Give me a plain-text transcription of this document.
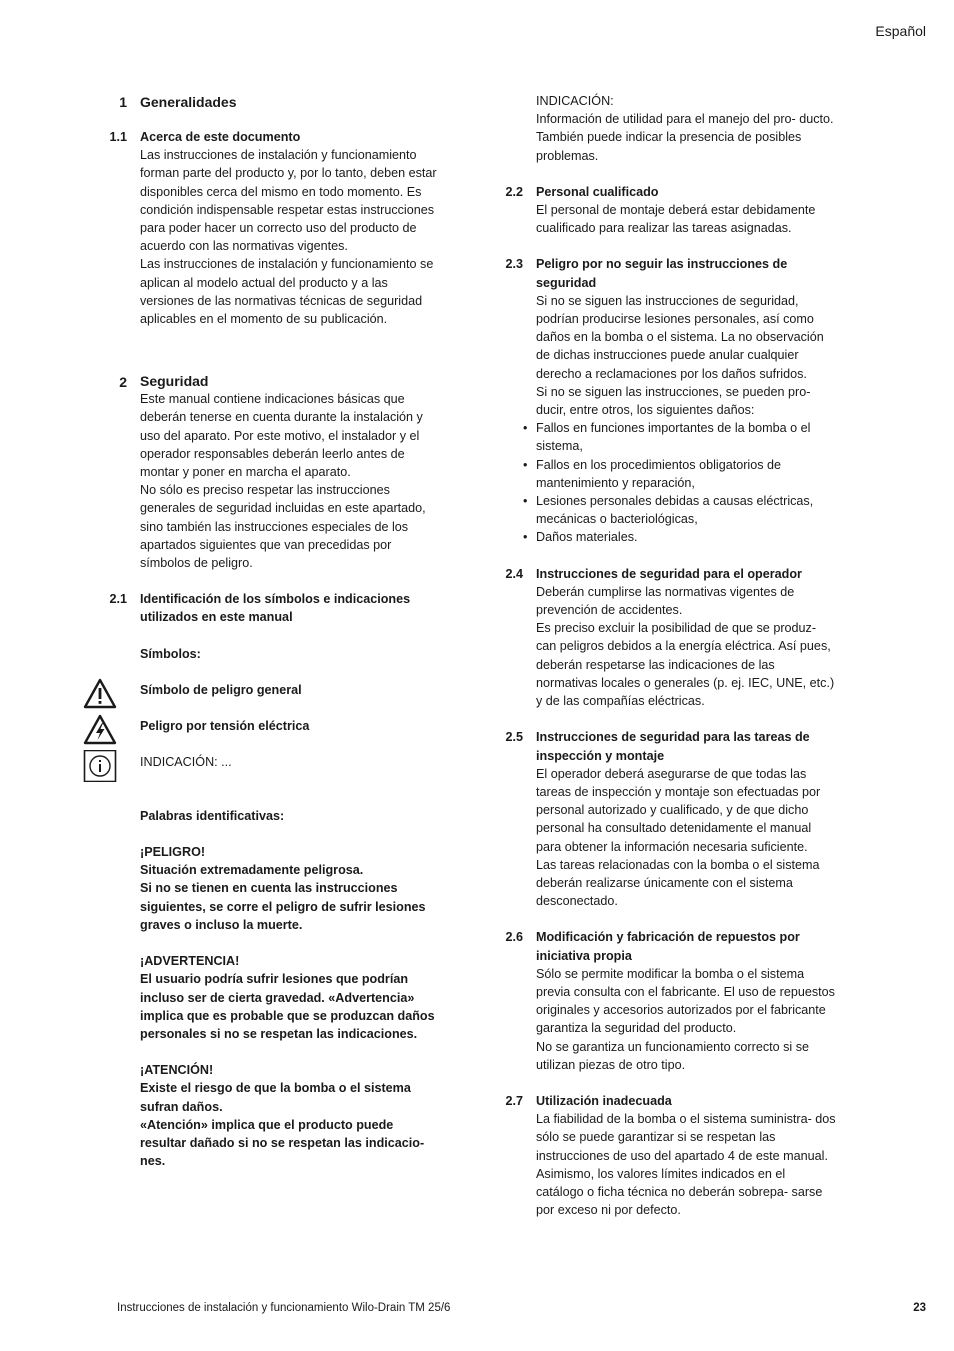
Español
1 Generalidades
1.1 Acerca de este documento

Las instrucciones de instalación y funcionamiento forman parte del producto y, por lo tanto, deben estar disponibles cerca del mismo en todo momento. Es condición indispensable respetar estas instrucciones para poder hacer un correcto uso del producto de acuerdo con las normativas vigentes.

Las instrucciones de instalación y funcionamiento se aplican al modelo actual del producto y a las versiones de las normativas técnicas de seguridad aplicables en el momento de su publicación.

2 Seguridad

Este manual contiene indicaciones básicas que deberán tenerse en cuenta durante la instalación y uso del aparato. Por este motivo, el instalador y el operador responsables deberán leerlo antes de montar y poner en marcha el aparato.

No sólo es preciso respetar las instrucciones generales de seguridad incluidas en este apartado, sino también las instrucciones especiales de los apartados siguientes que van precedidas por símbolos de peligro.

2.1 Identificación de los símbolos e indicaciones utilizados en este manual

Símbolos:

Símbolo de peligro general

Peligro por tensión eléctrica

INDICACIÓN: ...

Palabras identificativas:

¡PELIGRO!

Situación extremadamente peligrosa.

Si no se tienen en cuenta las instrucciones siguientes, se corre el peligro de sufrir lesiones graves o incluso la muerte.

¡ADVERTENCIA!

El usuario podría sufrir lesiones que podrían incluso ser de cierta gravedad. «Advertencia» implica que es probable que se produzcan daños personales si no se respetan las indicaciones.

¡ATENCIÓN!

Existe el riesgo de que la bomba o el sistema sufran daños.

«Atención» implica que el producto puede resultar dañado si no se respetan las indicacio- nes.

INDICACIÓN:

Información de utilidad para el manejo del pro- ducto. También puede indicar la presencia de posibles problemas.

2.2 Personal cualificado

El personal de montaje deberá estar debidamente cualificado para realizar las tareas asignadas.

2.3 Peligro por no seguir las instrucciones de seguridad

Si no se siguen las instrucciones de seguridad, podrían producirse lesiones personales, así como daños en la bomba o el sistema. La no observación de dichas instrucciones puede anular cualquier derecho a reclamaciones por los daños sufridos.

Si no se siguen las instrucciones, se pueden pro- ducir, entre otros, los siguientes daños:

• Fallos en funciones importantes de la bomba o el sistema,
• Fallos en los procedimientos obligatorios de mantenimiento y reparación,
• Lesiones personales debidas a causas eléctricas, mecánicas o bacteriológicas,
• Daños materiales.
2.4 Instrucciones de seguridad para el operador

Deberán cumplirse las normativas vigentes de prevención de accidentes.

Es preciso excluir la posibilidad de que se produz- can peligros debidos a la energía eléctrica. Así pues, deberán respetarse las indicaciones de las normativas locales o generales (p. ej. IEC, UNE, etc.) y de las compañías eléctricas.

2.5 Instrucciones de seguridad para las tareas de inspección y montaje

El operador deberá asegurarse de que todas las tareas de inspección y montaje son efectuadas por personal autorizado y cualificado, y de que dicho personal ha consultado detenidamente el manual para obtener la información necesaria suficiente.

Las tareas relacionadas con la bomba o el sistema deberán realizarse únicamente con el sistema desconectado.

2.6 Modificación y fabricación de repuestos por iniciativa propia

Sólo se permite modificar la bomba o el sistema previa consulta con el fabricante. El uso de repuestos originales y accesorios autorizados por el fabricante garantiza la seguridad del producto.

No se garantiza un funcionamiento correcto si se utilizan piezas de otro tipo.

2.7 Utilización inadecuada

La fiabilidad de la bomba o el sistema suministra- dos sólo se puede garantizar si se respetan las instrucciones de uso del apartado 4 de este manual. Asimismo, los valores límites indicados en el catálogo o ficha técnica no deberán sobrepa- sarse por exceso ni por defecto.

Instrucciones de instalación y funcionamiento Wilo-Drain TM 25/6	23
